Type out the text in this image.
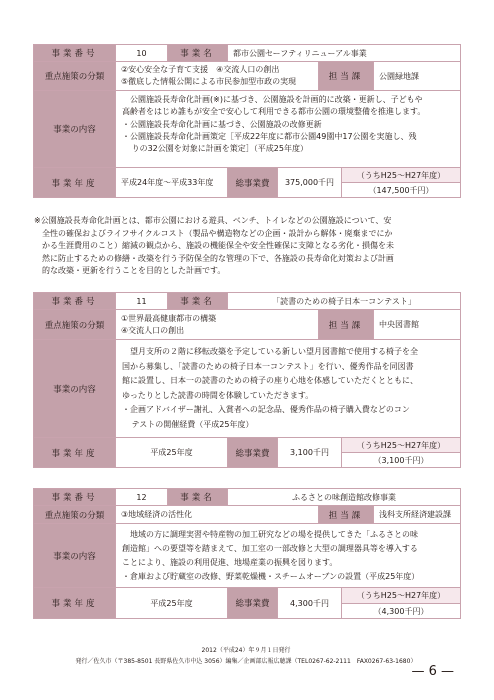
事業番号	10	事業名	都市公園セーフティリニューアル事業
重点施策の分類
②安心安全な子育て支援　④交流人口の創出
⑤徹底した情報公開による市民参加型市政の実現	担当課	公園緑地課
事業の内容

公園施設長寿命化計画(※)に基づき、公園施設を計画的に改築・更新し、子どもや

高齢者をはじめ誰もが安全で安心して利用できる都市公園の環境整備を推進します。

・公園施設長寿命化計画に基づき、公園施設の改修更新

・公園施設長寿命化計画策定［平成22年度に都市公園49園中17公園を実施し、残

りの32公園を対象に計画を策定］（平成25年度）

事業年度	平成24年度〜平成33年度	総事業費	375,000千円
（うちH25〜H27年度）
（147,500千円）

※公園施設長寿命化計画とは、都市公園における遊具、ベンチ、トイレなどの公園施設について、安

全性の確保およびライフサイクルコスト（製品や構造物などの企画・設計から解体・廃棄までにか

かる生涯費用のこと）縮減の観点から、施設の機能保全や安全性確保に支障となる劣化・損傷を未

然に防止するための修繕・改築を行う予防保全的な管理の下で、各施設の長寿命化対策および計画

的な改築・更新を行うことを目的とした計画です。

事業番号	11	事業名	「読書のための椅子日本一コンテスト」
重点施策の分類
①世界最高健康都市の構築
④交流人口の創出	担当課	中央図書館
事業の内容

望月支所の２階に移転改築を予定している新しい望月図書館で使用する椅子を全

国から募集し、「読書のための椅子日本一コンテスト」を行い、優秀作品を同図書

館に設置し、日本一の読書のための椅子の座り心地を体感していただくとともに、

ゆったりとした読書の時間を体験していただきます。

・企画アドバイザー謝礼、入賞者への記念品、優秀作品の椅子購入費などのコン

テストの開催経費（平成25年度）

事業年度	平成25年度	総事業費	3,100千円
（うちH25〜H27年度）
（3,100千円）
事業番号	12	事業名	ふるさとの味創造館改修事業
重点施策の分類	③地域経済の活性化	担当課	浅科支所経済建設課
事業の内容

地域の方に調理実習や特産物の加工研究などの場を提供してきた「ふるさとの味

創造館」への要望等を踏まえて、加工室の一部改修と大型の調理器具等を導入する

ことにより、施設の利用促進、地場産業の振興を図ります。

・倉庫および貯蔵室の改修、野菜乾燥機・スチームオーブンの設置（平成25年度）

事業年度	平成25年度	総事業費	4,300千円
（うちH25〜H27年度）
（4,300千円）
2012（平成24）年９月１日発行
発行／佐久市（〒385-8501 長野県佐久市中込 3056）編集／企画部広報広聴課（TEL0267-62-2111　FAX0267-63-1680）
— 6 —
